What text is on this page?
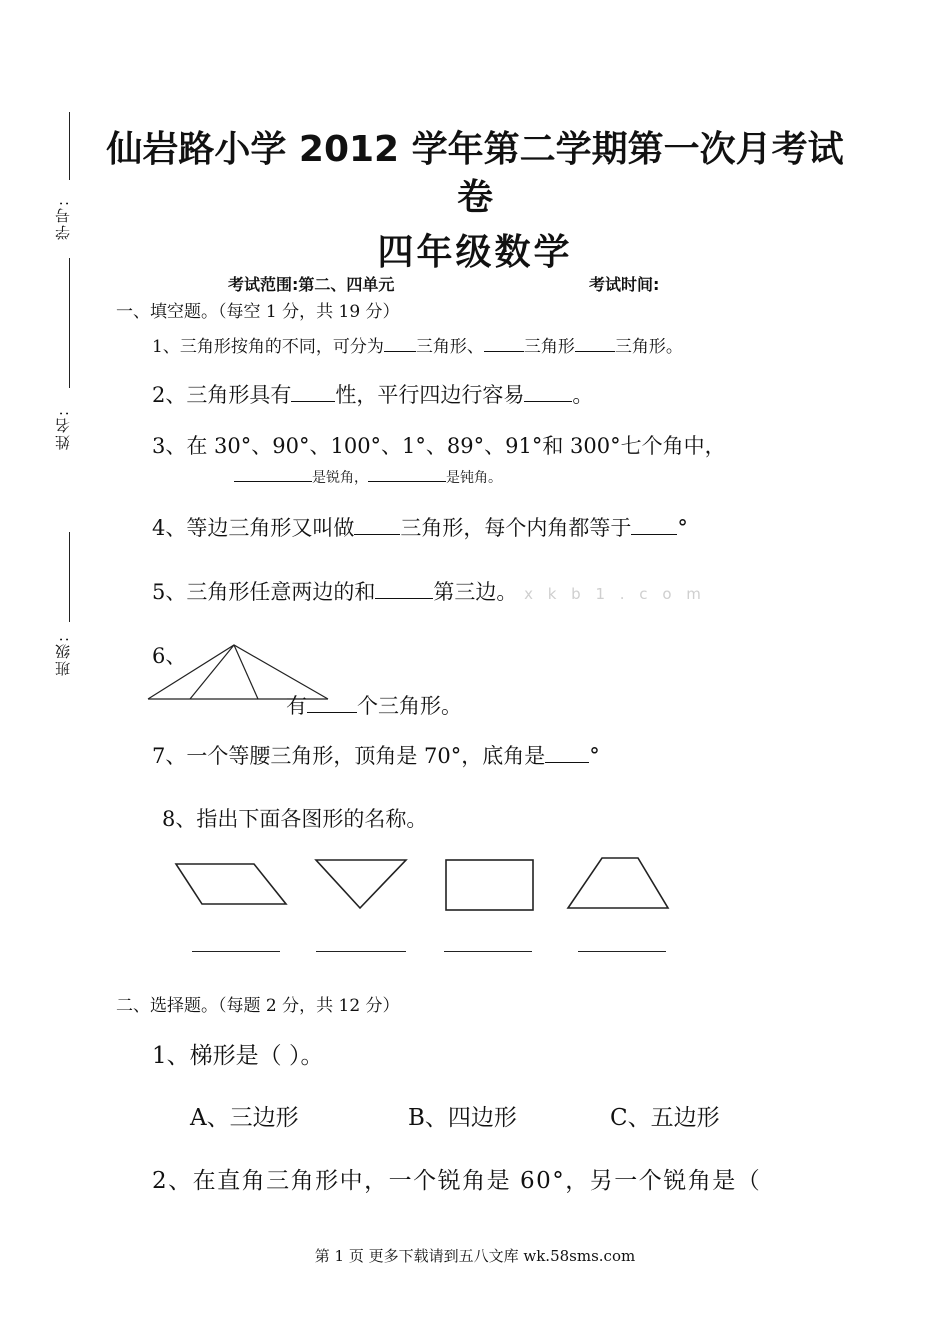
学号:
姓名:
班级:
仙岩路小学 2012 学年第二学期第一次月考试
卷
四年级数学
考试范围:第二、四单元	考试时间:
一、填空题。（每空 1 分，共 19 分）
1、三角形按角的不同，可分为 三角形、 三角形 三角形。
2、三角形具有 性，平行四边行容易 。
3、在 30°、90°、100°、1°、89°、91°和 300°七个角中，
是锐角，	是钝角。
4、等边三角形又叫做 三角形，每个内角都等于 °
5、三角形任意两边的和	第三边。 x k b 1 . c o m
6、
有 个三角形。
7、一个等腰三角形，顶角是 70°，底角是 °
8、指出下面各图形的名称。
二、选择题。（每题 2 分，共 12 分）
1、梯形是（ ）。
A、三边形	B、四边形	C、五边形
2、在直角三角形中，一个锐角是 60°，另一个锐角是（
第 1 页 更多下载请到五八文库 wk.58sms.com
